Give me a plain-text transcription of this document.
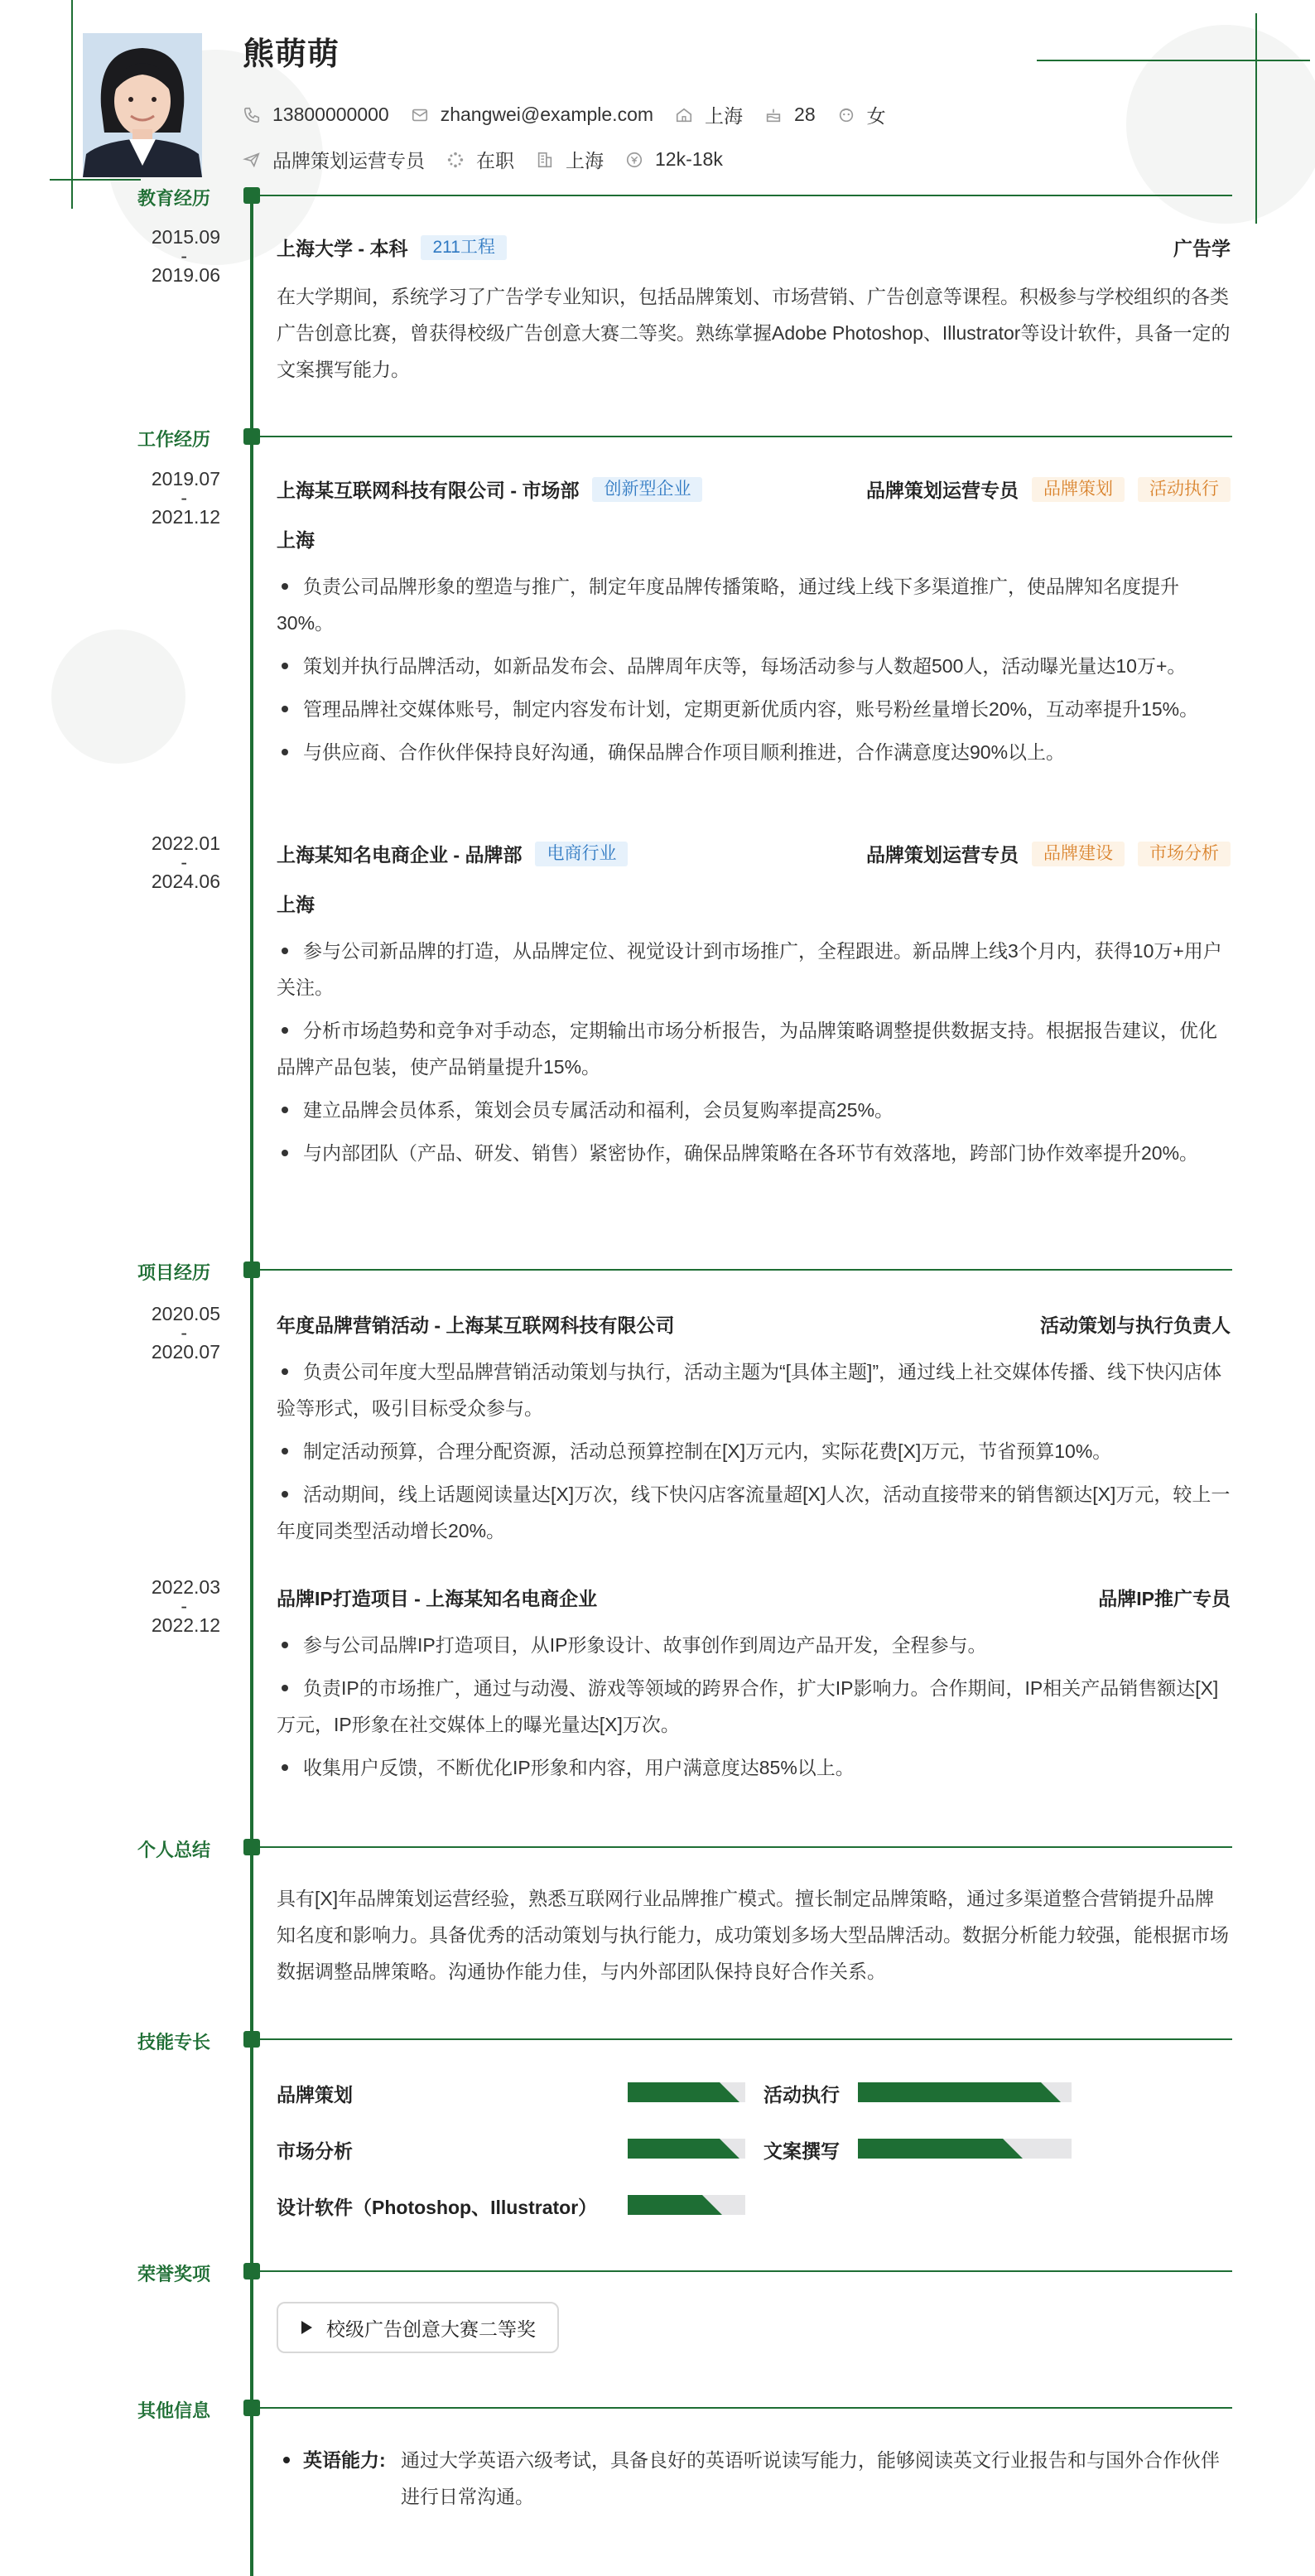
熊萌萌
13800000000	zhangwei@example.com	上海	28	女
品牌策划运营专员	在职	上海	12k-18k
教育经历
2015.09
-
2019.06
上海大学 - 本科	211工程	广告学
在大学期间，系统学习了广告学专业知识，包括品牌策划、市场营销、广告创意等课程。积极参与学校组织的各类广告创意比赛，曾获得校级广告创意大赛二等奖。熟练掌握Adobe Photoshop、Illustrator等设计软件，具备一定的文案撰写能力。
工作经历
2019.07
-
2021.12
上海某互联网科技有限公司 - 市场部	创新型企业	品牌策划运营专员	品牌策划	活动执行
上海
负责公司品牌形象的塑造与推广，制定年度品牌传播策略，通过线上线下多渠道推广，使品牌知名度提升30%。
策划并执行品牌活动，如新品发布会、品牌周年庆等，每场活动参与人数超500人，活动曝光量达10万+。
管理品牌社交媒体账号，制定内容发布计划，定期更新优质内容，账号粉丝量增长20%，互动率提升15%。
与供应商、合作伙伴保持良好沟通，确保品牌合作项目顺利推进，合作满意度达90%以上。
2022.01
-
2024.06
上海某知名电商企业 - 品牌部	电商行业	品牌策划运营专员	品牌建设	市场分析
上海
参与公司新品牌的打造，从品牌定位、视觉设计到市场推广，全程跟进。新品牌上线3个月内，获得10万+用户关注。
分析市场趋势和竞争对手动态，定期输出市场分析报告，为品牌策略调整提供数据支持。根据报告建议，优化品牌产品包装，使产品销量提升15%。
建立品牌会员体系，策划会员专属活动和福利，会员复购率提高25%。
与内部团队（产品、研发、销售）紧密协作，确保品牌策略在各环节有效落地，跨部门协作效率提升20%。
项目经历
2020.05
-
2020.07
年度品牌营销活动 - 上海某互联网科技有限公司	活动策划与执行负责人
负责公司年度大型品牌营销活动策划与执行，活动主题为“[具体主题]”，通过线上社交媒体传播、线下快闪店体验等形式，吸引目标受众参与。
制定活动预算，合理分配资源，活动总预算控制在[X]万元内，实际花费[X]万元，节省预算10%。
活动期间，线上话题阅读量达[X]万次，线下快闪店客流量超[X]人次，活动直接带来的销售额达[X]万元，较上一年度同类型活动增长20%。
2022.03
-
2022.12
品牌IP打造项目 - 上海某知名电商企业	品牌IP推广专员
参与公司品牌IP打造项目，从IP形象设计、故事创作到周边产品开发，全程参与。
负责IP的市场推广，通过与动漫、游戏等领域的跨界合作，扩大IP影响力。合作期间，IP相关产品销售额达[X]万元，IP形象在社交媒体上的曝光量达[X]万次。
收集用户反馈，不断优化IP形象和内容，用户满意度达85%以上。
个人总结
具有[X]年品牌策划运营经验，熟悉互联网行业品牌推广模式。擅长制定品牌策略，通过多渠道整合营销提升品牌知名度和影响力。具备优秀的活动策划与执行能力，成功策划多场大型品牌活动。数据分析能力较强，能根据市场数据调整品牌策略。沟通协作能力佳，与内外部团队保持良好合作关系。
技能专长
品牌策划	活动执行
市场分析	文案撰写
设计软件（Photoshop、Illustrator）
荣誉奖项
校级广告创意大赛二等奖
其他信息
英语能力: 通过大学英语六级考试，具备良好的英语听说读写能力，能够阅读英文行业报告和与国外合作伙伴进行日常沟通。
